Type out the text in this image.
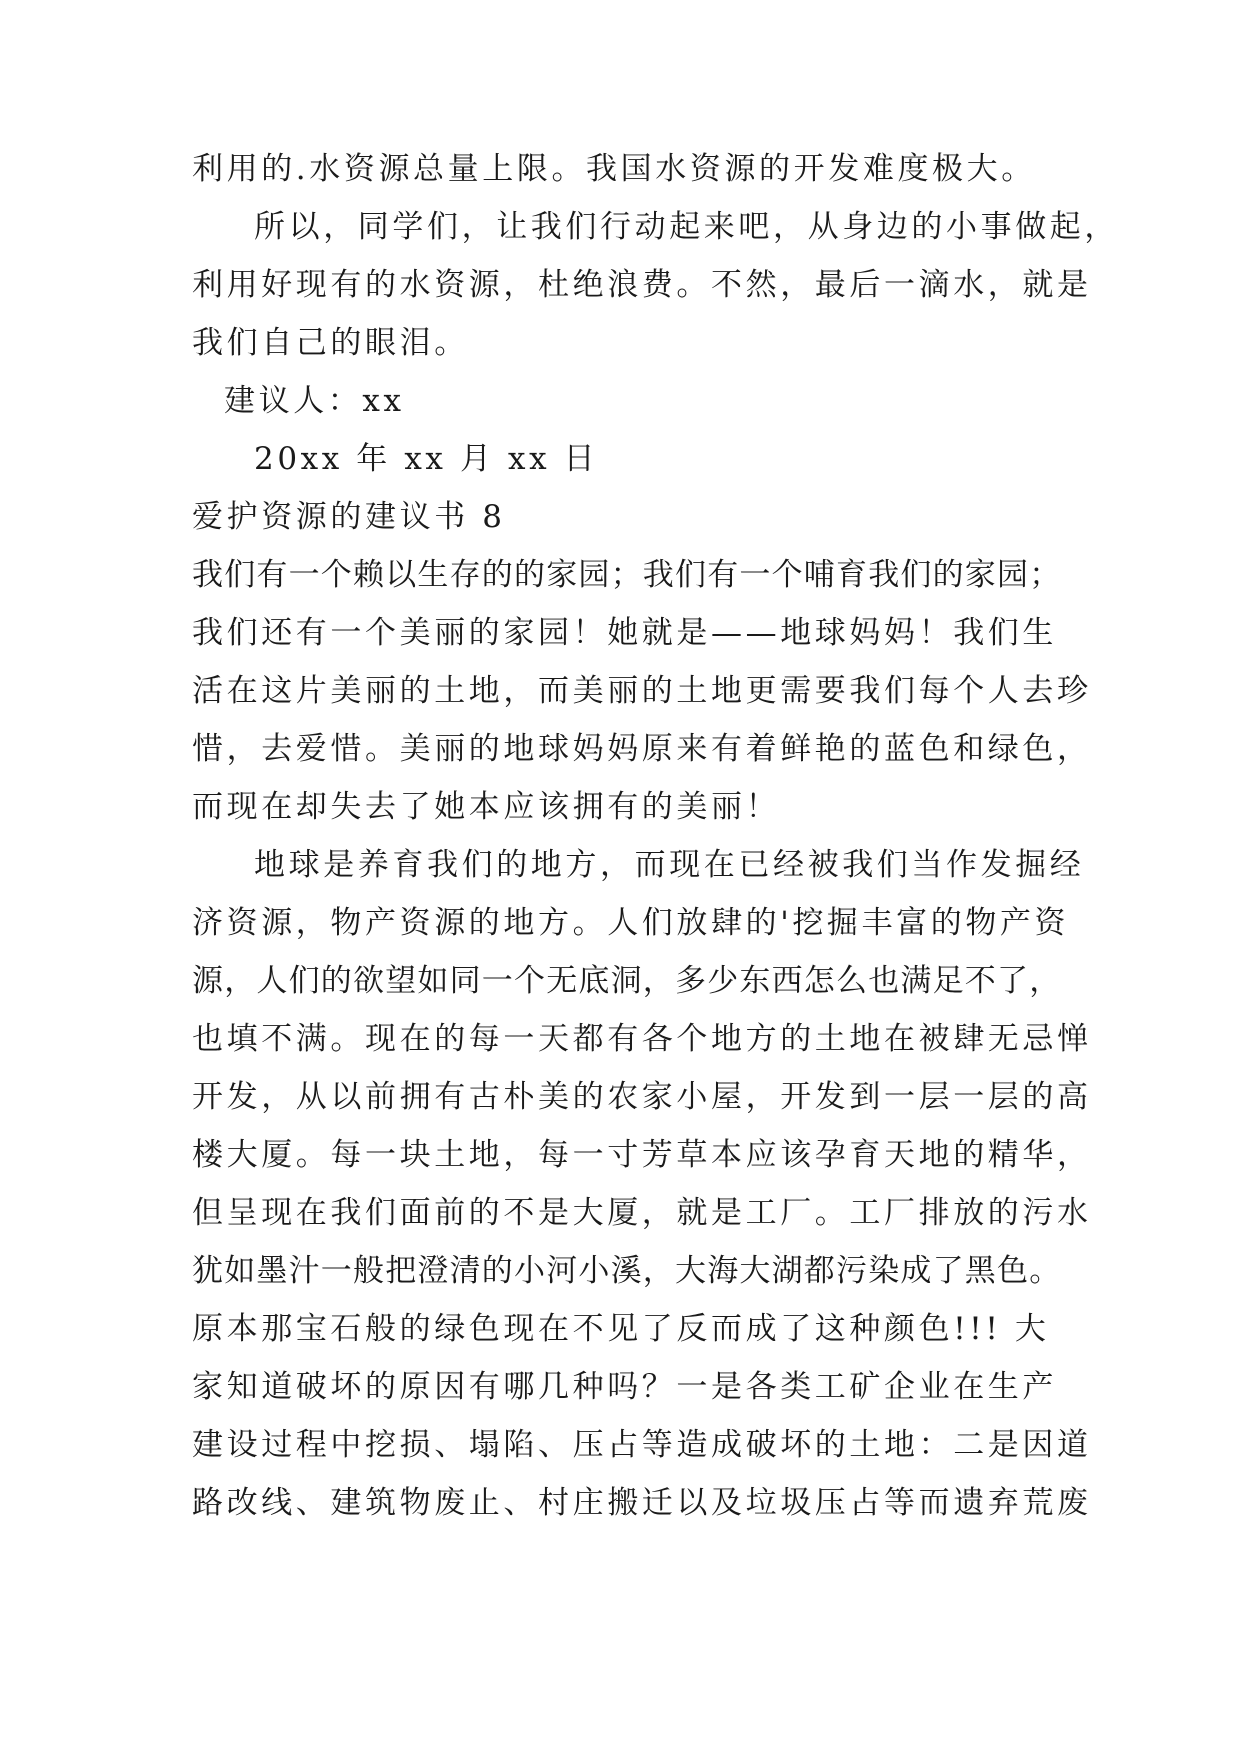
利用的.水资源总量上限。我国水资源的开发难度极大。
所以，同学们，让我们行动起来吧，从身边的小事做起，
利用好现有的水资源，杜绝浪费。不然，最后一滴水，就是
我们自己的眼泪。
建议人：xx
20xx 年 xx 月 xx 日
爱护资源的建议书 8
我们有一个赖以生存的的家园；我们有一个哺育我们的家园；
我们还有一个美丽的家园！她就是——地球妈妈！我们生
活在这片美丽的土地，而美丽的土地更需要我们每个人去珍
惜，去爱惜。美丽的地球妈妈原来有着鲜艳的蓝色和绿色，
而现在却失去了她本应该拥有的美丽！
地球是养育我们的地方，而现在已经被我们当作发掘经
济资源，物产资源的地方。人们放肆的'挖掘丰富的物产资
源，人们的欲望如同一个无底洞，多少东西怎么也满足不了，
也填不满。现在的每一天都有各个地方的土地在被肆无忌惮
开发，从以前拥有古朴美的农家小屋，开发到一层一层的高
楼大厦。每一块土地，每一寸芳草本应该孕育天地的精华，
但呈现在我们面前的不是大厦，就是工厂。工厂排放的污水
犹如墨汁一般把澄清的小河小溪，大海大湖都污染成了黑色。
原本那宝石般的绿色现在不见了反而成了这种颜色!!! 大
家知道破坏的原因有哪几种吗？一是各类工矿企业在生产
建设过程中挖损、塌陷、压占等造成破坏的土地：二是因道
路改线、建筑物废止、村庄搬迁以及垃圾压占等而遗弃荒废
